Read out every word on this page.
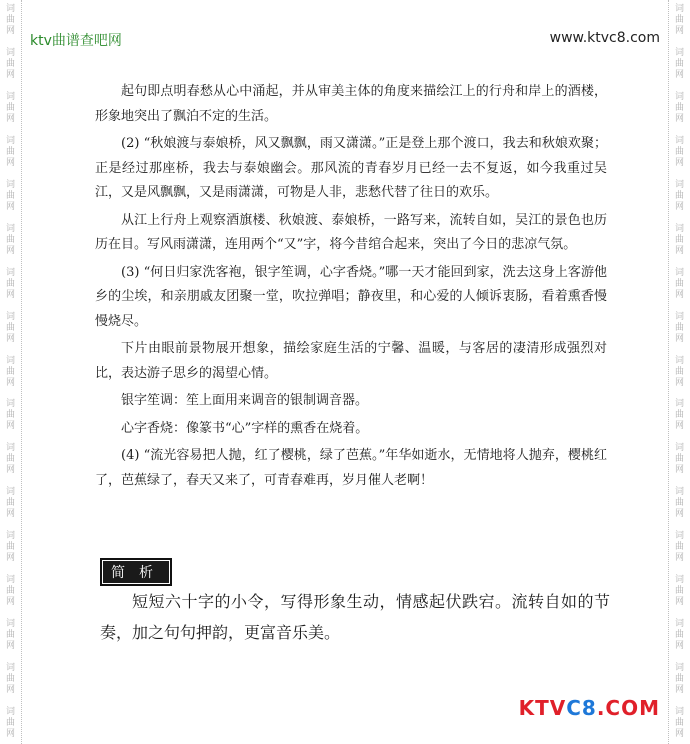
词
曲
网
词
曲
网
词
曲
网
词
曲
网
词
曲
网
词
曲
网
词
曲
网
词
曲
网
词
曲
网
词
曲
网
词
曲
网
词
曲
网
词
曲
网
词
曲
网
词
曲
网
词
曲
网
词
曲
网
词
曲
网
词
曲
网
词
曲
网
词
曲
网
词
曲
网
词
曲
网
词
曲
网
词
曲
网
词
曲
网
词
曲
网
词
曲
网
词
曲
网
词
曲
网
词
曲
网
词
曲
网
词
曲
网
词
曲
网
ktv曲谱查吧网	www.ktvc8.com

起句即点明春愁从心中涌起，并从审美主体的角度来描绘江上的行舟和岸上的酒楼，形象地突出了飘泊不定的生活。

(2) “秋娘渡与泰娘桥，风又飘飘，雨又潇潇。”正是登上那个渡口，我去和秋娘欢聚；正是经过那座桥，我去与泰娘幽会。那风流的青春岁月已经一去不复返，如今我重过吴江，又是风飘飘，又是雨潇潇，可物是人非，悲愁代替了往日的欢乐。

从江上行舟上观察酒旗楼、秋娘渡、泰娘桥，一路写来，流转自如，吴江的景色也历历在目。写风雨潇潇，连用两个“又”字，将今昔绾合起来，突出了今日的悲凉气氛。

(3) “何日归家洗客袍，银字笙调，心字香烧。”哪一天才能回到家，洗去这身上客游他乡的尘埃，和亲朋戚友团聚一堂，吹拉弹唱；静夜里，和心爱的人倾诉衷肠，看着熏香慢慢烧尽。

下片由眼前景物展开想象，描绘家庭生活的宁馨、温暖，与客居的凄清形成强烈对比，表达游子思乡的渴望心情。

银字笙调：笙上面用来调音的银制调音器。

心字香烧：像篆书“心”字样的熏香在烧着。

(4) “流光容易把人抛，红了樱桃，绿了芭蕉。”年华如逝水，无情地将人抛弃，樱桃红了，芭蕉绿了，春天又来了，可青春难再，岁月催人老啊！

简析

短短六十字的小令，写得形象生动，情感起伏跌宕。流转自如的节奏，加之句句押韵，更富音乐美。

KTVC8.COM
